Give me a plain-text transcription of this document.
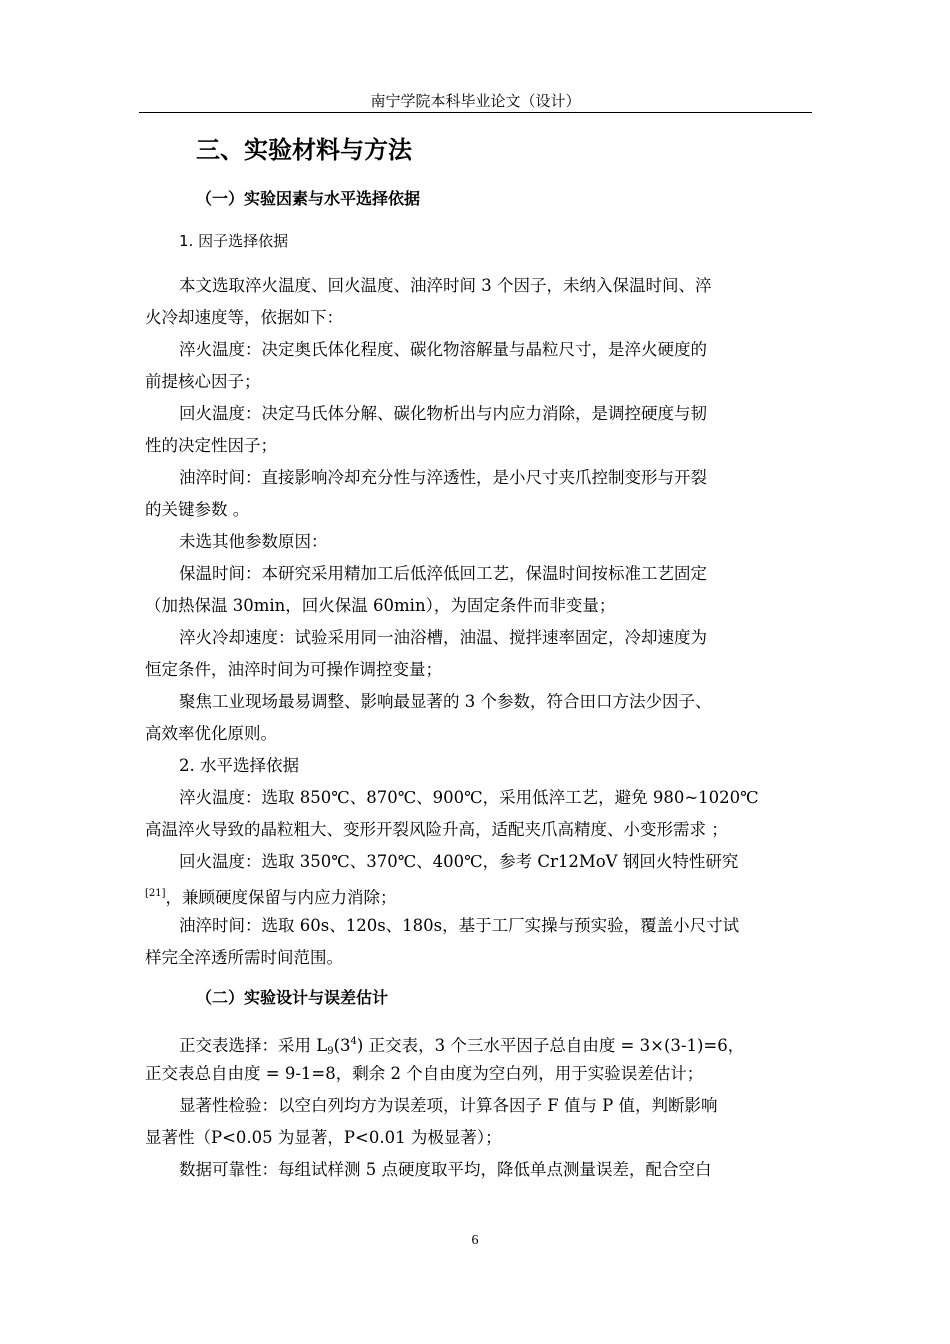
南宁学院本科毕业论文（设计）
三、实验材料与方法
（一）实验因素与水平选择依据
1. 因子选择依据
本文选取淬火温度、回火温度、油淬时间 3 个因子，未纳入保温时间、淬
火冷却速度等，依据如下：
淬火温度：决定奥氏体化程度、碳化物溶解量与晶粒尺寸，是淬火硬度的
前提核心因子；
回火温度：决定马氏体分解、碳化物析出与内应力消除，是调控硬度与韧
性的决定性因子；
油淬时间：直接影响冷却充分性与淬透性，是小尺寸夹爪控制变形与开裂
的关键参数 。
未选其他参数原因：
保温时间：本研究采用精加工后低淬低回工艺，保温时间按标准工艺固定
（加热保温 30min，回火保温 60min），为固定条件而非变量；
淬火冷却速度：试验采用同一油浴槽，油温、搅拌速率固定，冷却速度为
恒定条件，油淬时间为可操作调控变量；
聚焦工业现场最易调整、影响最显著的 3 个参数，符合田口方法少因子、
高效率优化原则。
2. 水平选择依据
淬火温度：选取 850℃、870℃、900℃，采用低淬工艺，避免 980~1020℃
高温淬火导致的晶粒粗大、变形开裂风险升高，适配夹爪高精度、小变形需求 ；
回火温度：选取 350℃、370℃、400℃，参考 Cr12MoV 钢回火特性研究
[21]，兼顾硬度保留与内应力消除；
油淬时间：选取 60s、120s、180s，基于工厂实操与预实验，覆盖小尺寸试
样完全淬透所需时间范围。
（二）实验设计与误差估计
正交表选择：采用 $L_9(3^4)$ 正交表，3 个三水平因子总自由度 = 3×(3-1)=6，
正交表总自由度 = 9-1=8，剩余 2 个自由度为空白列，用于实验误差估计；
显著性检验：以空白列均方为误差项，计算各因子 F 值与 P 值，判断影响
显著性（P<0.05 为显著，P<0.01 为极显著）；
数据可靠性：每组试样测 5 点硬度取平均，降低单点测量误差，配合空白
6
